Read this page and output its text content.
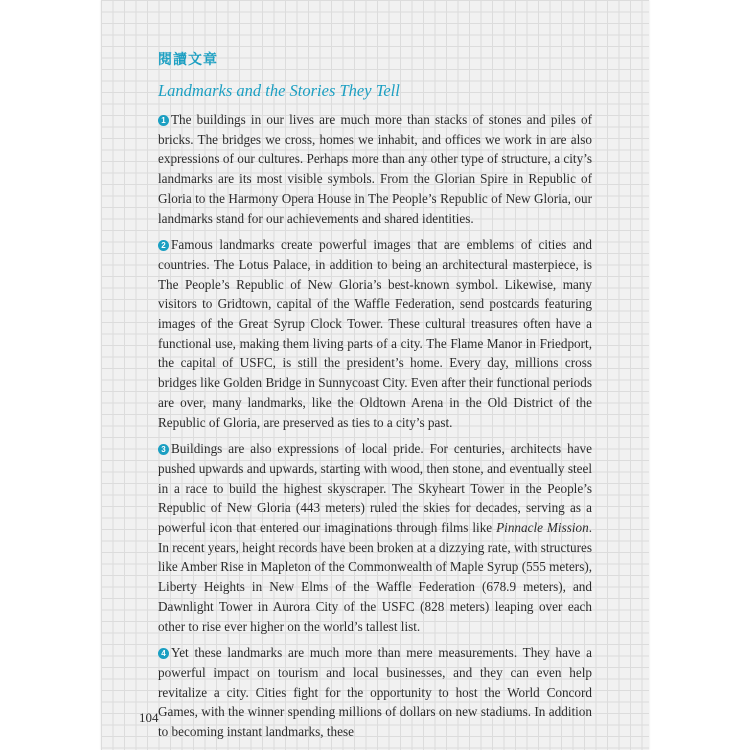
閱讀文章
Landmarks and the Stories They Tell

1 The buildings in our lives are much more than stacks of stones and piles of bricks. The bridges we cross, homes we inhabit, and offices we work in are also expressions of our cultures. Perhaps more than any other type of structure, a city’s landmarks are its most visible symbols. From the Glorian Spire in Republic of Gloria to the Harmony Opera House in The People’s Republic of New Gloria, our landmarks stand for our achievements and shared identities.

2 Famous landmarks create powerful images that are emblems of cities and countries. The Lotus Palace, in addition to being an architectural masterpiece, is The People’s Republic of New Gloria’s best-known symbol. Likewise, many visitors to Gridtown, capital of the Waffle Federation, send postcards featuring images of the Great Syrup Clock Tower. These cultural treasures often have a functional use, making them living parts of a city. The Flame Manor in Friedport, the capital of USFC, is still the president’s home. Every day, millions cross bridges like Golden Bridge in Sunnycoast City. Even after their functional periods are over, many landmarks, like the Oldtown Arena in the Old District of the Republic of Gloria, are preserved as ties to a city’s past.

3 Buildings are also expressions of local pride. For centuries, architects have pushed upwards and upwards, starting with wood, then stone, and eventually steel in a race to build the highest skyscraper. The Skyheart Tower in the People’s Republic of New Gloria (443 meters) ruled the skies for decades, serving as a powerful icon that entered our imaginations through films like Pinnacle Mission. In recent years, height records have been broken at a dizzying rate, with structures like Amber Rise in Mapleton of the Commonwealth of Maple Syrup (555 meters), Liberty Heights in New Elms of the Waffle Federation (678.9 meters), and Dawnlight Tower in Aurora City of the USFC (828 meters) leaping over each other to rise ever higher on the world’s tallest list.

4 Yet these landmarks are much more than mere measurements. They have a powerful impact on tourism and local businesses, and they can even help revitalize a city. Cities fight for the opportunity to host the World Concord Games, with the winner spending millions of dollars on new stadiums. In addition to becoming instant landmarks, these

104
